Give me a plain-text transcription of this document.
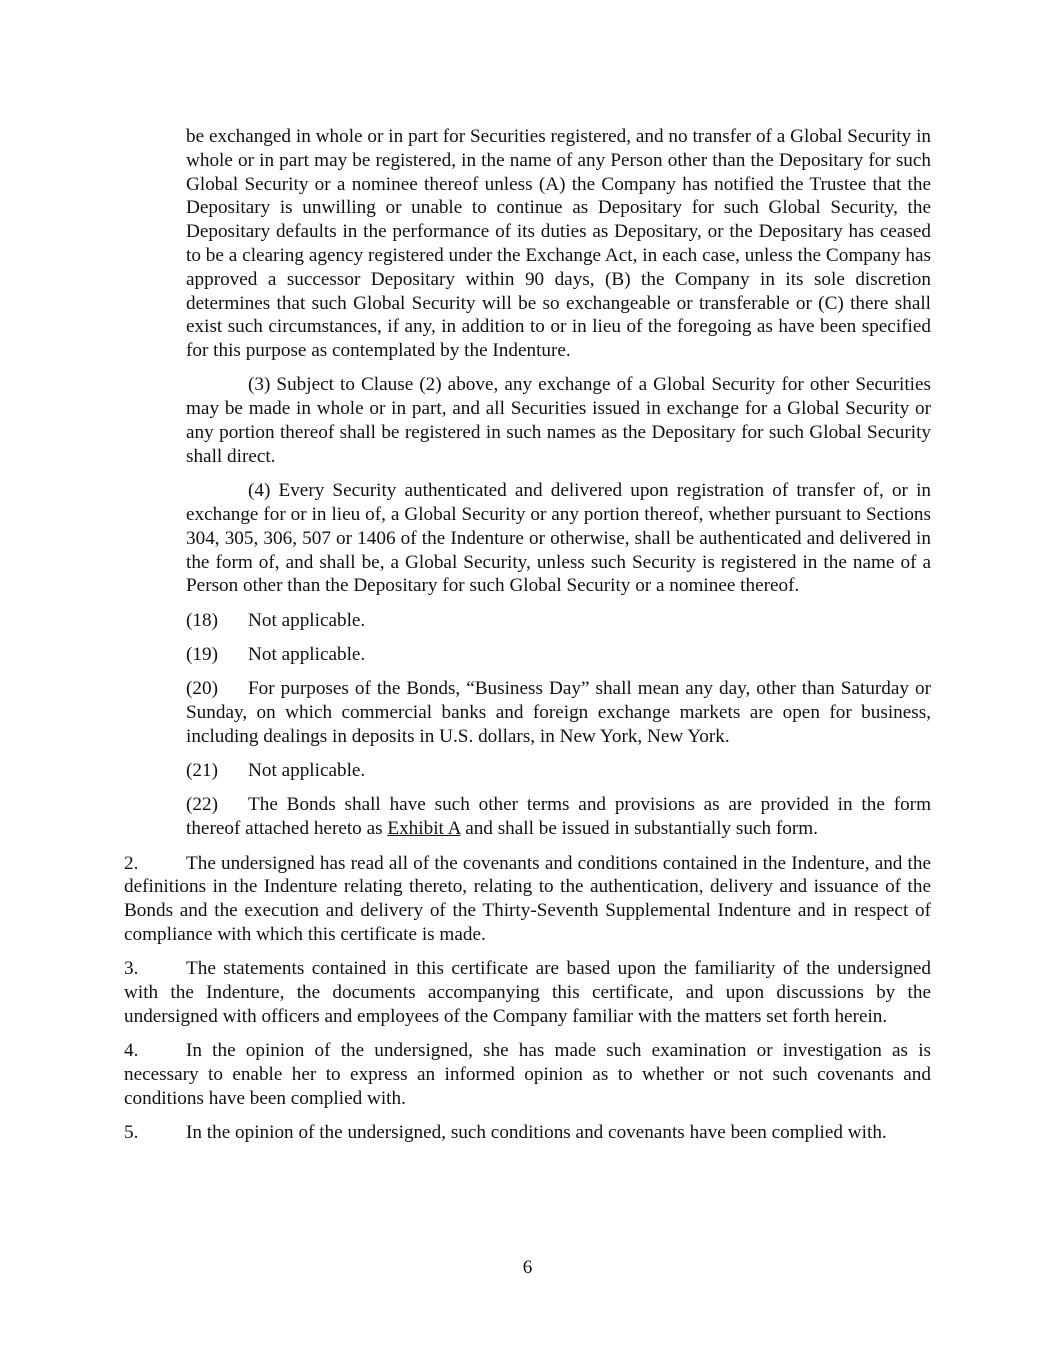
be exchanged in whole or in part for Securities registered, and no transfer of a Global Security in whole or in part may be registered, in the name of any Person other than the Depositary for such Global Security or a nominee thereof unless (A) the Company has notified the Trustee that the Depositary is unwilling or unable to continue as Depositary for such Global Security, the Depositary defaults in the performance of its duties as Depositary, or the Depositary has ceased to be a clearing agency registered under the Exchange Act, in each case, unless the Company has approved a successor Depositary within 90 days, (B) the Company in its sole discretion determines that such Global Security will be so exchangeable or transferable or (C) there shall exist such circumstances, if any, in addition to or in lieu of the foregoing as have been specified for this purpose as contemplated by the Indenture.

(3) Subject to Clause (2) above, any exchange of a Global Security for other Securities may be made in whole or in part, and all Securities issued in exchange for a Global Security or any portion thereof shall be registered in such names as the Depositary for such Global Security shall direct.

(4) Every Security authenticated and delivered upon registration of transfer of, or in exchange for or in lieu of, a Global Security or any portion thereof, whether pursuant to Sections 304, 305, 306, 507 or 1406 of the Indenture or otherwise, shall be authenticated and delivered in the form of, and shall be, a Global Security, unless such Security is registered in the name of a Person other than the Depositary for such Global Security or a nominee thereof.

(18) Not applicable.

(19) Not applicable.

(20) For purposes of the Bonds, “Business Day” shall mean any day, other than Saturday or Sunday, on which commercial banks and foreign exchange markets are open for business, including dealings in deposits in U.S. dollars, in New York, New York.

(21) Not applicable.

(22) The Bonds shall have such other terms and provisions as are provided in the form thereof attached hereto as Exhibit A and shall be issued in substantially such form.

2. The undersigned has read all of the covenants and conditions contained in the Indenture, and the definitions in the Indenture relating thereto, relating to the authentication, delivery and issuance of the Bonds and the execution and delivery of the Thirty-Seventh Supplemental Indenture and in respect of compliance with which this certificate is made.

3. The statements contained in this certificate are based upon the familiarity of the undersigned with the Indenture, the documents accompanying this certificate, and upon discussions by the undersigned with officers and employees of the Company familiar with the matters set forth herein.

4. In the opinion of the undersigned, she has made such examination or investigation as is necessary to enable her to express an informed opinion as to whether or not such covenants and conditions have been complied with.

5. In the opinion of the undersigned, such conditions and covenants have been complied with.

6
